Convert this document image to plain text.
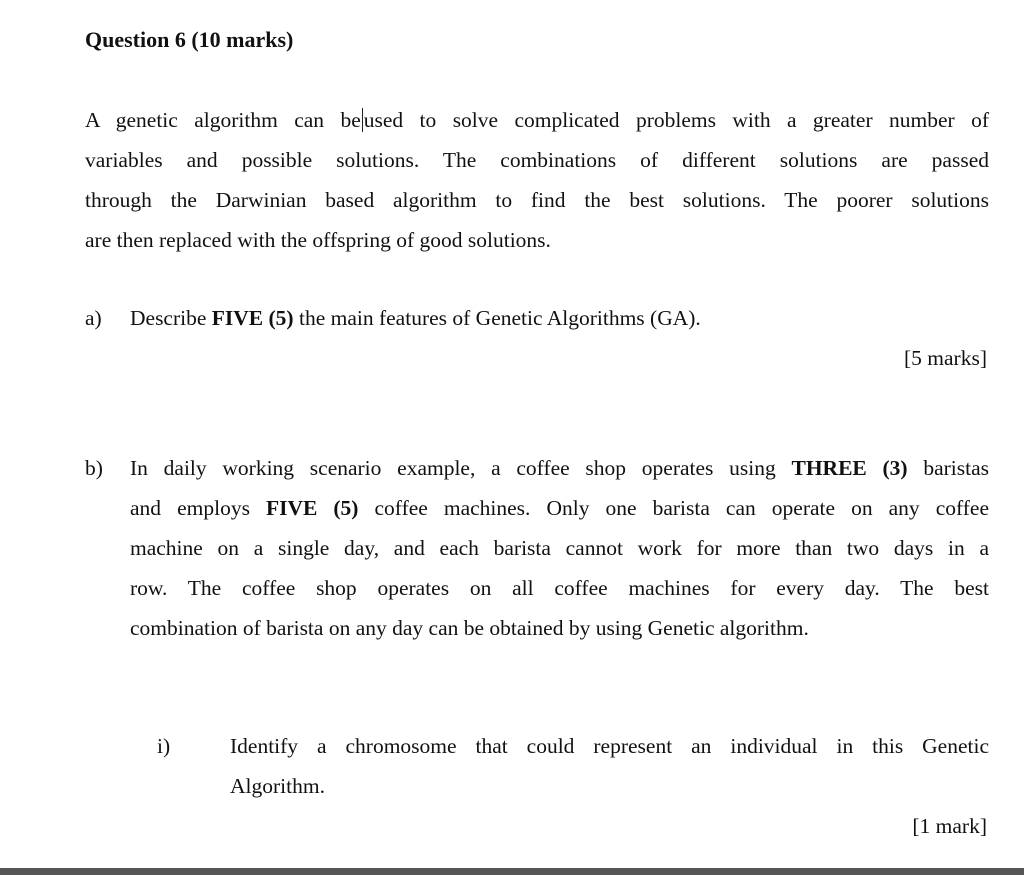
Question 6 (10 marks)
A genetic algorithm can be used to solve complicated problems with a greater number of
variables and possible solutions. The combinations of different solutions are passed
through the Darwinian based algorithm to find the best solutions. The poorer solutions
are then replaced with the offspring of good solutions.
a) Describe FIVE (5) the main features of Genetic Algorithms (GA).
[5 marks]
b) In daily working scenario example, a coffee shop operates using THREE (3) baristas
and employs FIVE (5) coffee machines. Only one barista can operate on any coffee
machine on a single day, and each barista cannot work for more than two days in a
row. The coffee shop operates on all coffee machines for every day. The best
combination of barista on any day can be obtained by using Genetic algorithm.
i)	Identify a chromosome that could represent an individual in this Genetic
Algorithm.
[1 mark]
